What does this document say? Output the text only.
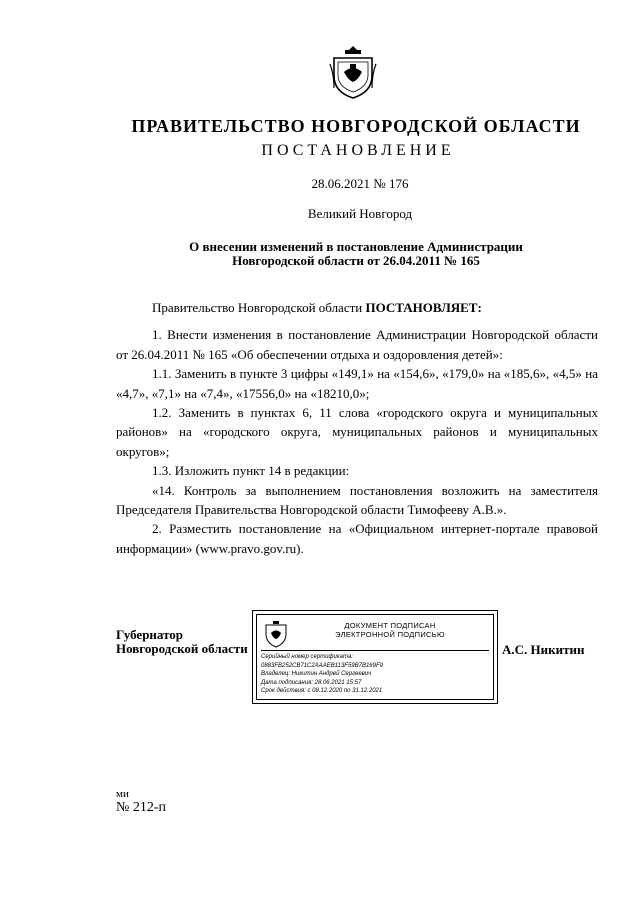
ПРАВИТЕЛЬСТВО НОВГОРОДСКОЙ ОБЛАСТИ
ПОСТАНОВЛЕНИЕ
28.06.2021 № 176
Великий Новгород
О внесении изменений в постановление Администрации
Новгородской области от 26.04.2011 № 165

Правительство Новгородской области ПОСТАНОВЛЯЕТ:

1. Внести изменения в постановление Администрации Новгородской области от 26.04.2011 № 165 «Об обеспечении отдыха и оздоровления детей»:

1.1. Заменить в пункте 3 цифры «149,1» на «154,6», «179,0» на «185,6», «4,5» на «4,7», «7,1» на «7,4», «17556,0» на «18210,0»;

1.2. Заменить в пунктах 6, 11 слова «городского округа и муниципальных районов» на «городского округа, муниципальных районов и муниципальных округов»;

1.3. Изложить пункт 14 в редакции:

«14. Контроль за выполнением постановления возложить на заместителя Председателя Правительства Новгородской области Тимофееву А.В.».

2. Разместить постановление на «Официальном интернет-портале правовой информации» (www.pravo.gov.ru).

Губернатор
Новгородской области
ДОКУМЕНТ ПОДПИСАН
ЭЛЕКТРОННОЙ ПОДПИСЬЮ
Серийный номер сертификата:
0883FB252CB71C2AAAEB113F59B7B169F9
Владелец: Никитин Андрей Сергеевич
Дата подписания: 28.06.2021 15:57
Срок действия: с 08.12.2020 по 31.12.2021
А.С. Никитин
ми
№ 212-п
